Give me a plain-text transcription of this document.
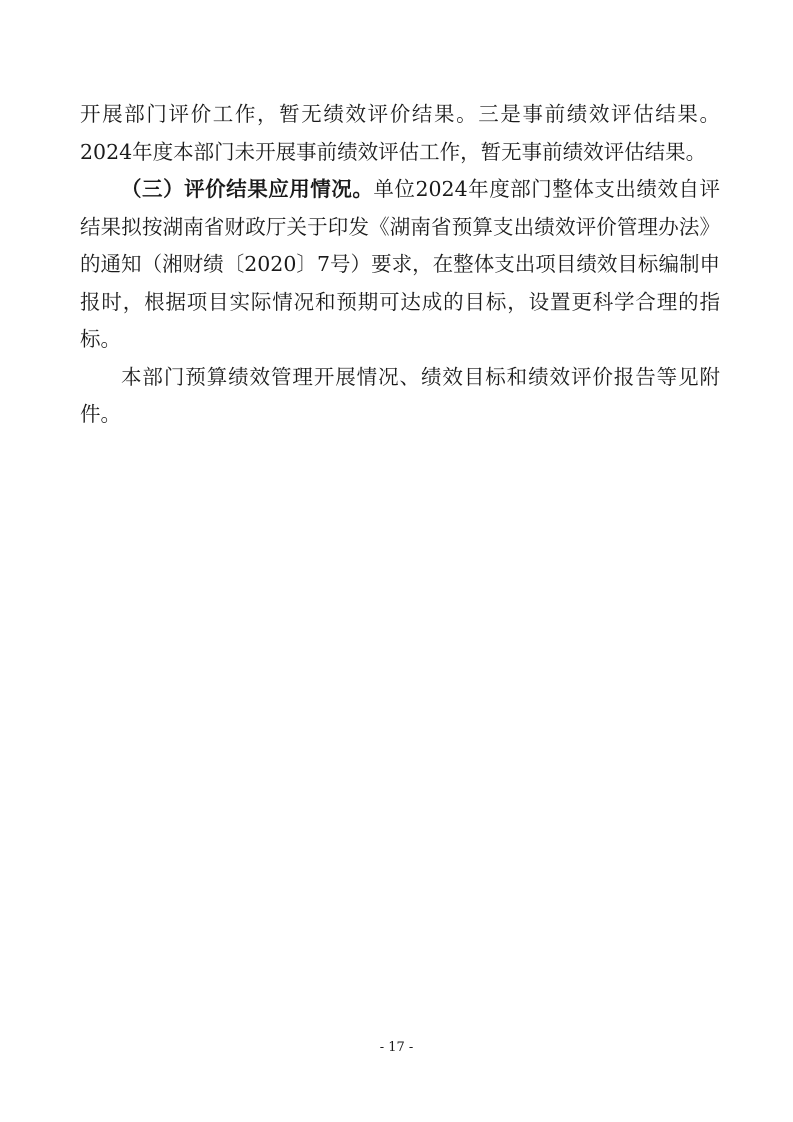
开展部门评价工作，暂无绩效评价结果。三是事前绩效评估结果。2024年度本部门未开展事前绩效评估工作，暂无事前绩效评估结果。

（三）评价结果应用情况。单位2024年度部门整体支出绩效自评结果拟按湖南省财政厅关于印发《湖南省预算支出绩效评价管理办法》的通知（湘财绩〔2020〕7号）要求，在整体支出项目绩效目标编制申报时，根据项目实际情况和预期可达成的目标，设置更科学合理的指标。

本部门预算绩效管理开展情况、绩效目标和绩效评价报告等见附件。

- 17 -
